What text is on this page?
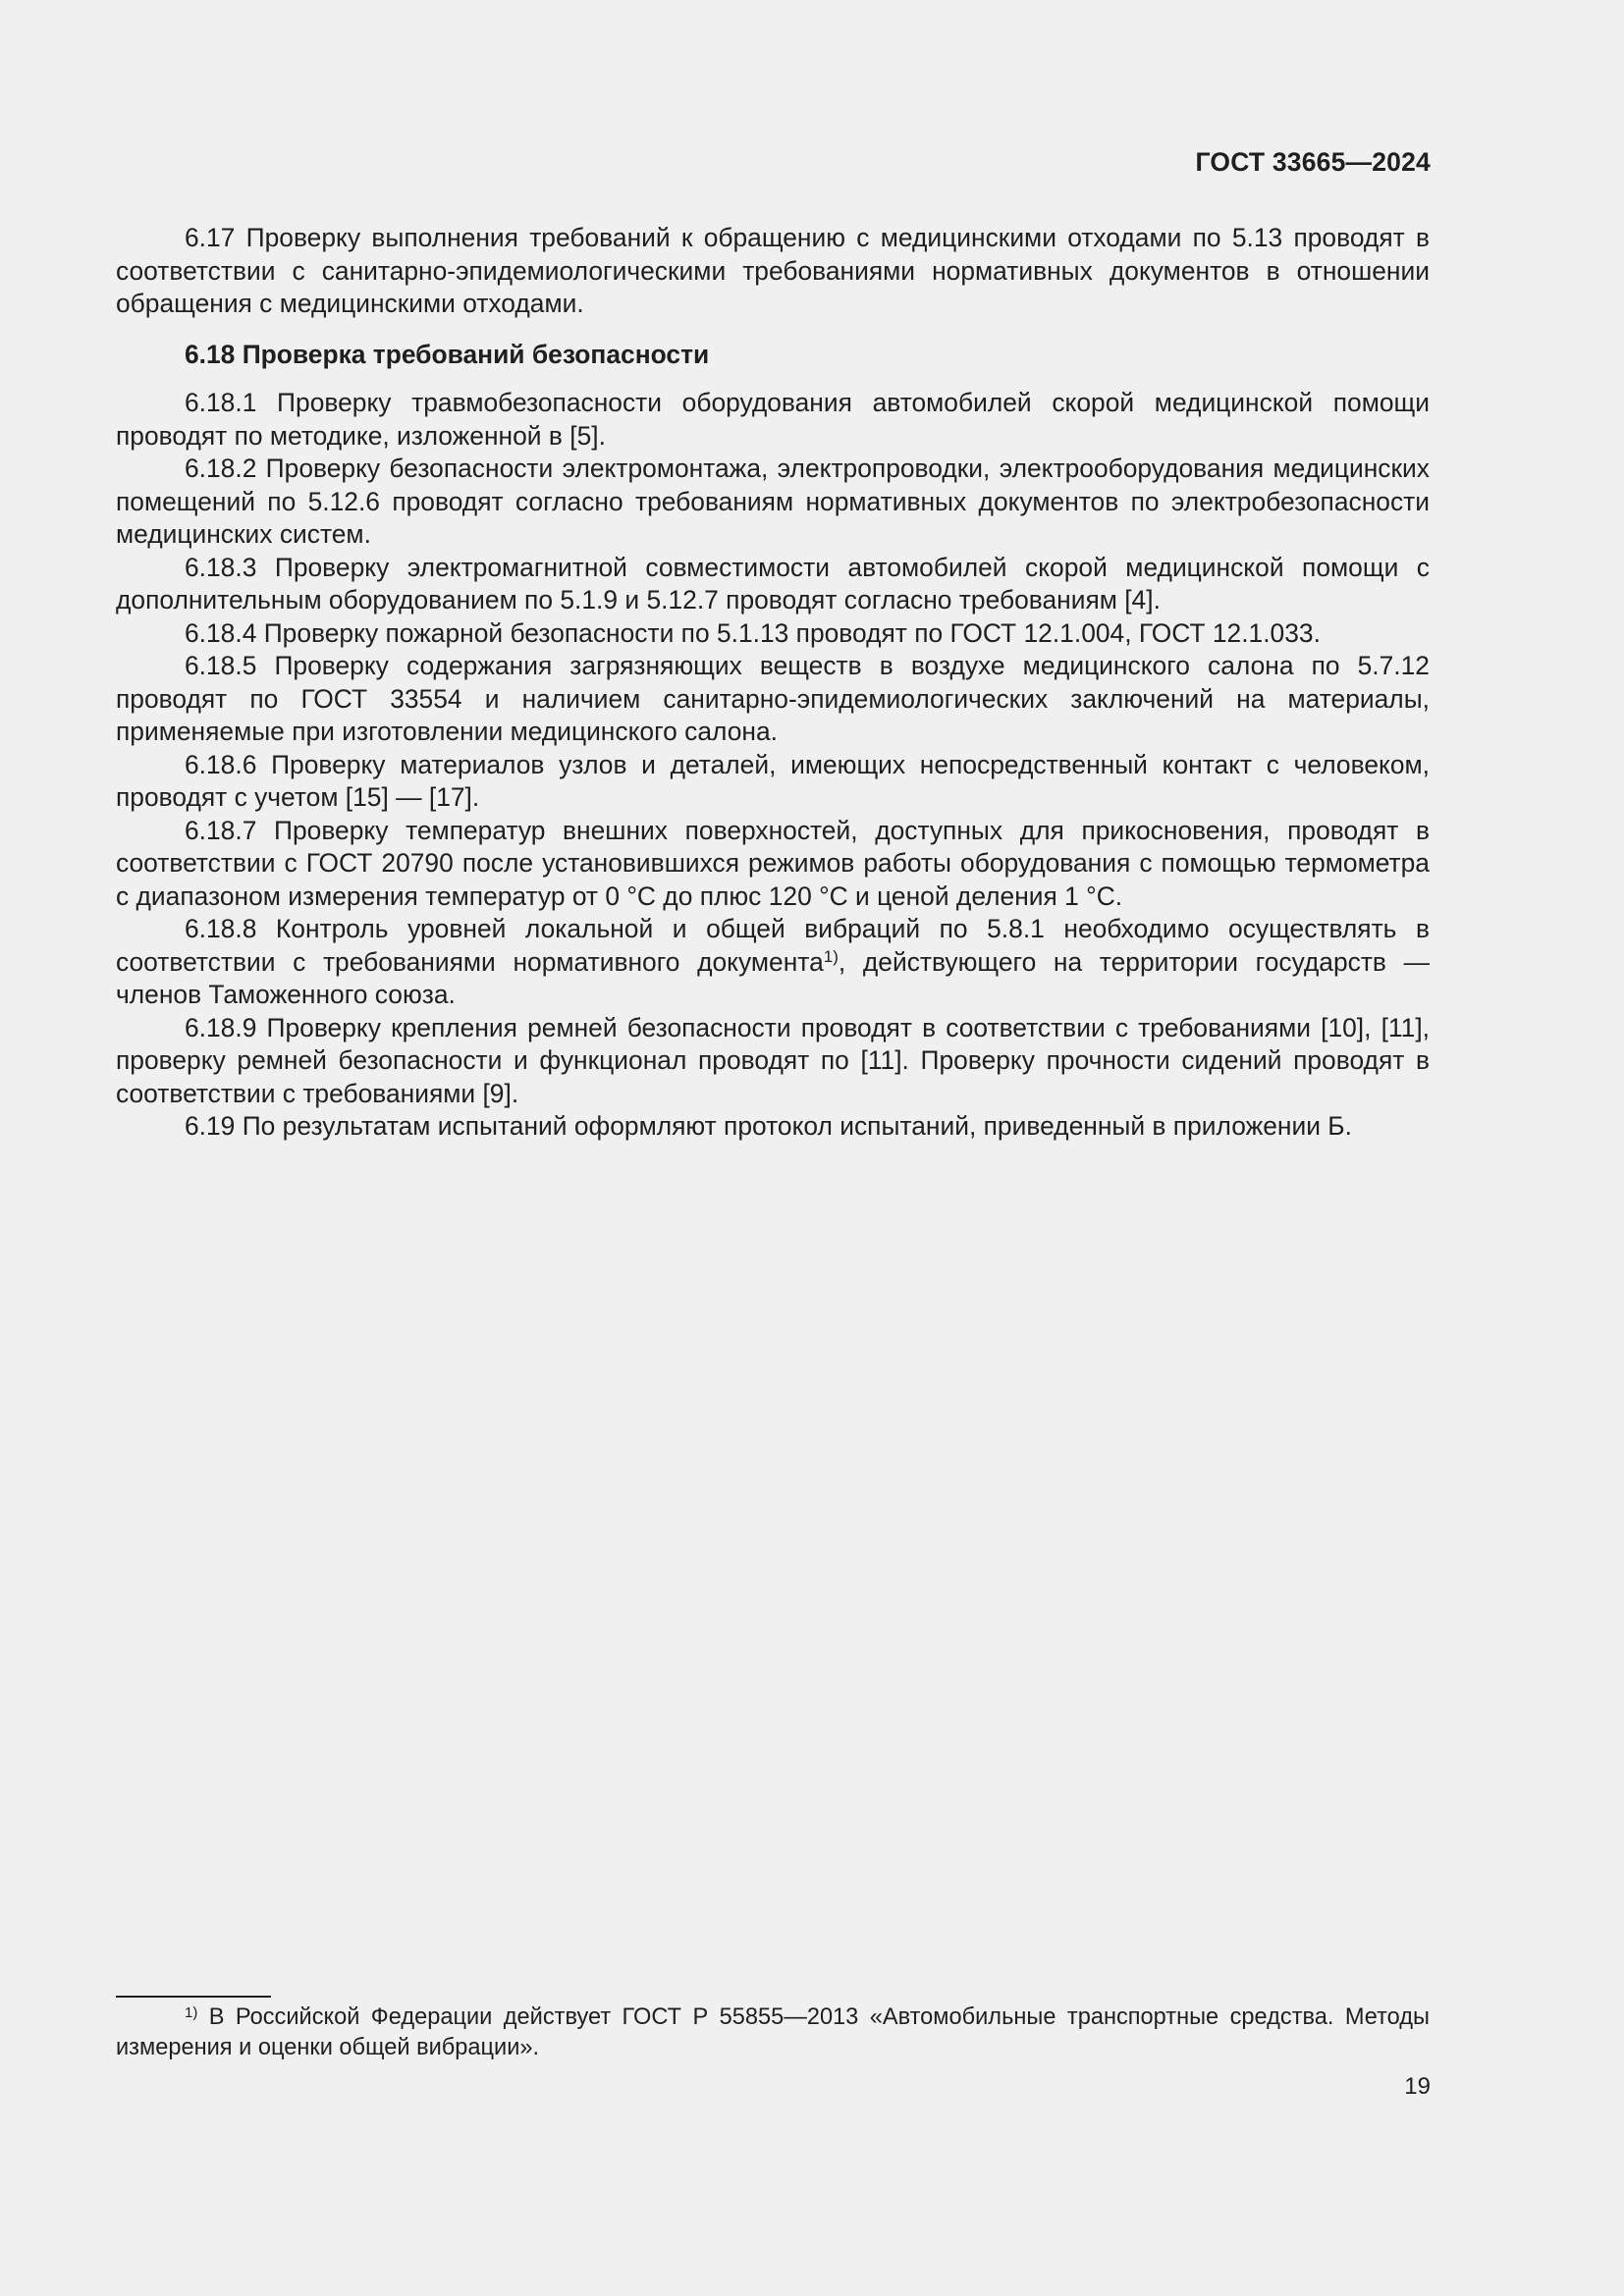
ГОСТ 33665—2024

6.17 Проверку выполнения требований к обращению с медицинскими отходами по 5.13 проводят в соответствии с санитарно-эпидемиологическими требованиями нормативных документов в отношении обращения с медицинскими отходами.

6.18 Проверка требований безопасности

6.18.1 Проверку травмобезопасности оборудования автомобилей скорой медицинской помощи проводят по методике, изложенной в [5].

6.18.2 Проверку безопасности электромонтажа, электропроводки, электрооборудования медицинских помещений по 5.12.6 проводят согласно требованиям нормативных документов по электробезопасности медицинских систем.

6.18.3 Проверку электромагнитной совместимости автомобилей скорой медицинской помощи с дополнительным оборудованием по 5.1.9 и 5.12.7 проводят согласно требованиям [4].

6.18.4 Проверку пожарной безопасности по 5.1.13 проводят по ГОСТ 12.1.004, ГОСТ 12.1.033.

6.18.5 Проверку содержания загрязняющих веществ в воздухе медицинского салона по 5.7.12 проводят по ГОСТ 33554 и наличием санитарно-эпидемиологических заключений на материалы, применяемые при изготовлении медицинского салона.

6.18.6 Проверку материалов узлов и деталей, имеющих непосредственный контакт с человеком, проводят с учетом [15] — [17].

6.18.7 Проверку температур внешних поверхностей, доступных для прикосновения, проводят в соответствии с ГОСТ 20790 после установившихся режимов работы оборудования с помощью термометра с диапазоном измерения температур от 0 °С до плюс 120 °С и ценой деления 1 °С.

6.18.8 Контроль уровней локальной и общей вибраций по 5.8.1 необходимо осуществлять в соответствии с требованиями нормативного документа$^{1)}$, действующего на территории государств — членов Таможенного союза.

6.18.9 Проверку крепления ремней безопасности проводят в соответствии с требованиями [10], [11], проверку ремней безопасности и функционал проводят по [11]. Проверку прочности сидений проводят в соответствии с требованиями [9].

6.19 По результатам испытаний оформляют протокол испытаний, приведенный в приложении Б.

$^{1)}$ В Российской Федерации действует ГОСТ Р 55855—2013 «Автомобильные транспортные средства. Методы измерения и оценки общей вибрации».
19
